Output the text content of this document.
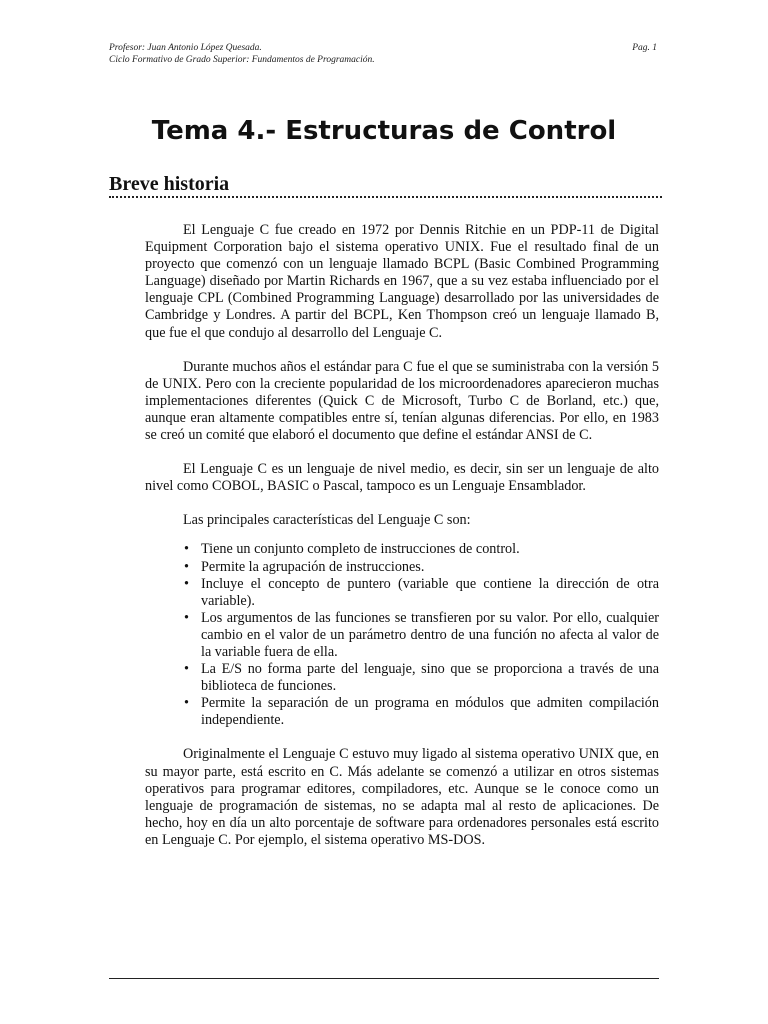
Profesor: Juan Antonio López Quesada.	Pag. 1
Ciclo Formativo de Grado Superior: Fundamentos de Programación.
Tema 4.- Estructuras de Control
Breve historia

El Lenguaje C fue creado en 1972 por Dennis Ritchie en un PDP-11 de Digital Equipment Corporation bajo el sistema operativo UNIX. Fue el resultado final de un proyecto que comenzó con un lenguaje llamado BCPL (Basic Combined Programming Language) diseñado por Martin Richards en 1967, que a su vez estaba influenciado por el lenguaje CPL (Combined Programming Language) desarrollado por las universidades de Cambridge y Londres. A partir del BCPL, Ken Thompson creó un lenguaje llamado B, que fue el que condujo al desarrollo del Lenguaje C.

Durante muchos años el estándar para C fue el que se suministraba con la versión 5 de UNIX. Pero con la creciente popularidad de los microordenadores aparecieron muchas implementaciones diferentes (Quick C de Microsoft, Turbo C de Borland, etc.) que, aunque eran altamente compatibles entre sí, tenían algunas diferencias. Por ello, en 1983 se creó un comité que elaboró el documento que define el estándar ANSI de C.

El Lenguaje C es un lenguaje de nivel medio, es decir, sin ser un lenguaje de alto nivel como COBOL, BASIC o Pascal, tampoco es un Lenguaje Ensamblador.

Las principales características del Lenguaje C son:

• Tiene un conjunto completo de instrucciones de control.
• Permite la agrupación de instrucciones.
• Incluye el concepto de puntero (variable que contiene la dirección de otra variable).
• Los argumentos de las funciones se transfieren por su valor. Por ello, cualquier cambio en el valor de un parámetro dentro de una función no afecta al valor de la variable fuera de ella.
• La E/S no forma parte del lenguaje, sino que se proporciona a través de una biblioteca de funciones.
• Permite la separación de un programa en módulos que admiten compilación independiente.

Originalmente el Lenguaje C estuvo muy ligado al sistema operativo UNIX que, en su mayor parte, está escrito en C. Más adelante se comenzó a utilizar en otros sistemas operativos para programar editores, compiladores, etc. Aunque se le conoce como un lenguaje de programación de sistemas, no se adapta mal al resto de aplicaciones. De hecho, hoy en día un alto porcentaje de software para ordenadores personales está escrito en Lenguaje C. Por ejemplo, el sistema operativo MS-DOS.
